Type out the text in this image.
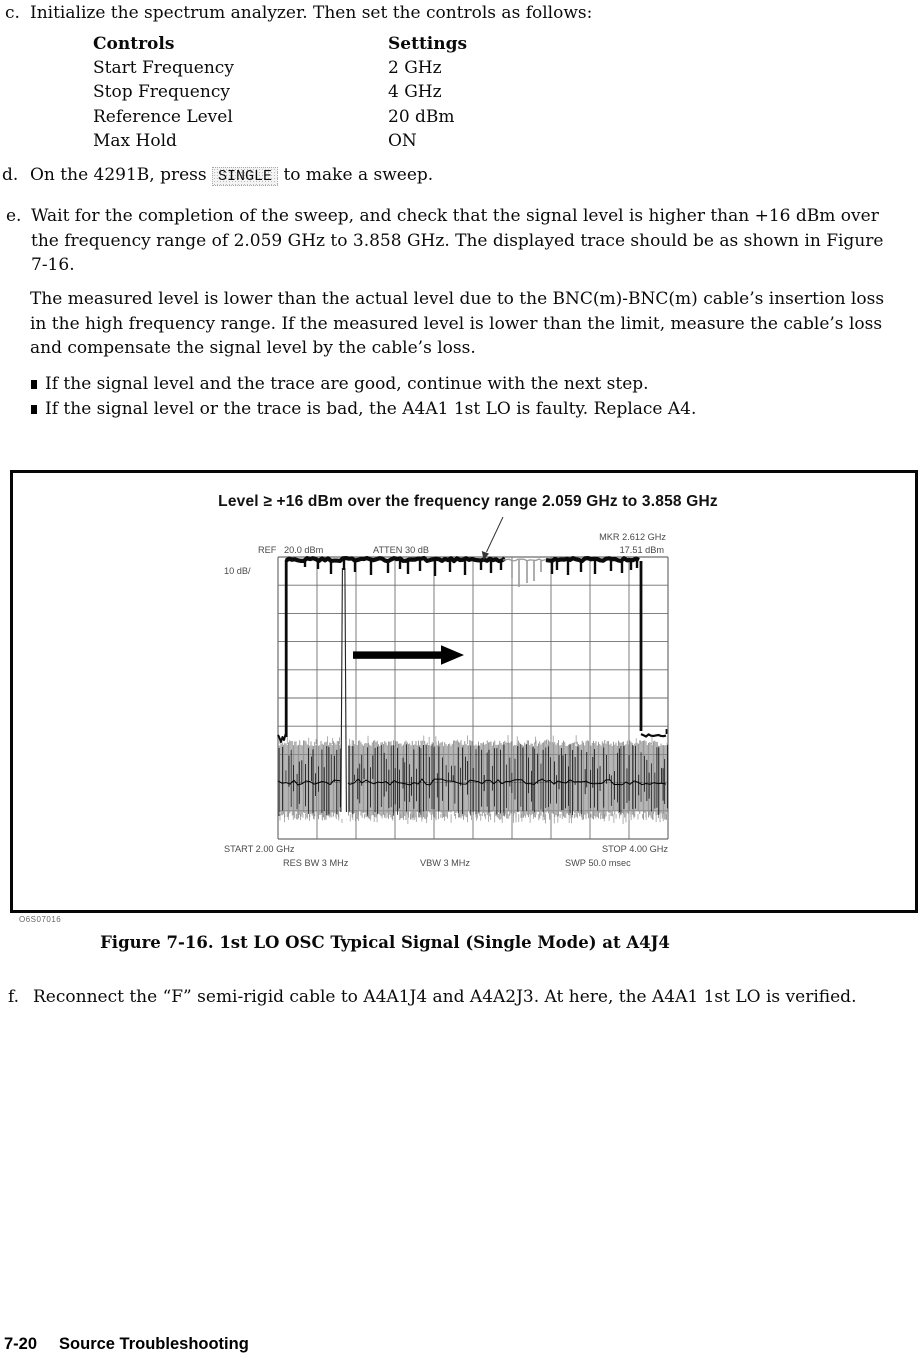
c. Initialize the spectrum analyzer. Then set the controls as follows:
Controls	Settings
Start Frequency	2 GHz
Stop Frequency	4 GHz
Reference Level	20 dBm
Max Hold	ON
d. On the 4291B, press SINGLE to make a sweep.
e. Wait for the completion of the sweep, and check that the signal level is higher than +16 dBm over the frequency range of 2.059 GHz to 3.858 GHz. The displayed trace should be as shown in Figure 7-16.
The measured level is lower than the actual level due to the BNC(m)-BNC(m) cable’s insertion loss in the high frequency range. If the measured level is lower than the limit, measure the cable’s loss and compensate the signal level by the cable’s loss.
If the signal level and the trace are good, continue with the next step.
If the signal level or the trace is bad, the A4A1 1st LO is faulty. Replace A4.
Level ≥ +16 dBm over the frequency range 2.059 GHz to 3.858 GHz
REF 20.0 dBm	ATTEN 30 dB
MKR 2.612 GHz
17.51 dBm
10 dB/
START 2.00 GHz	STOP 4.00 GHz
RES BW 3 MHz	VBW 3 MHz	SWP 50.0 msec
O6S07016
Figure 7-16. 1st LO OSC Typical Signal (Single Mode) at A4J4
f. Reconnect the “F” semi-rigid cable to A4A1J4 and A4A2J3. At here, the A4A1 1st LO is verified.
7-20 Source Troubleshooting
